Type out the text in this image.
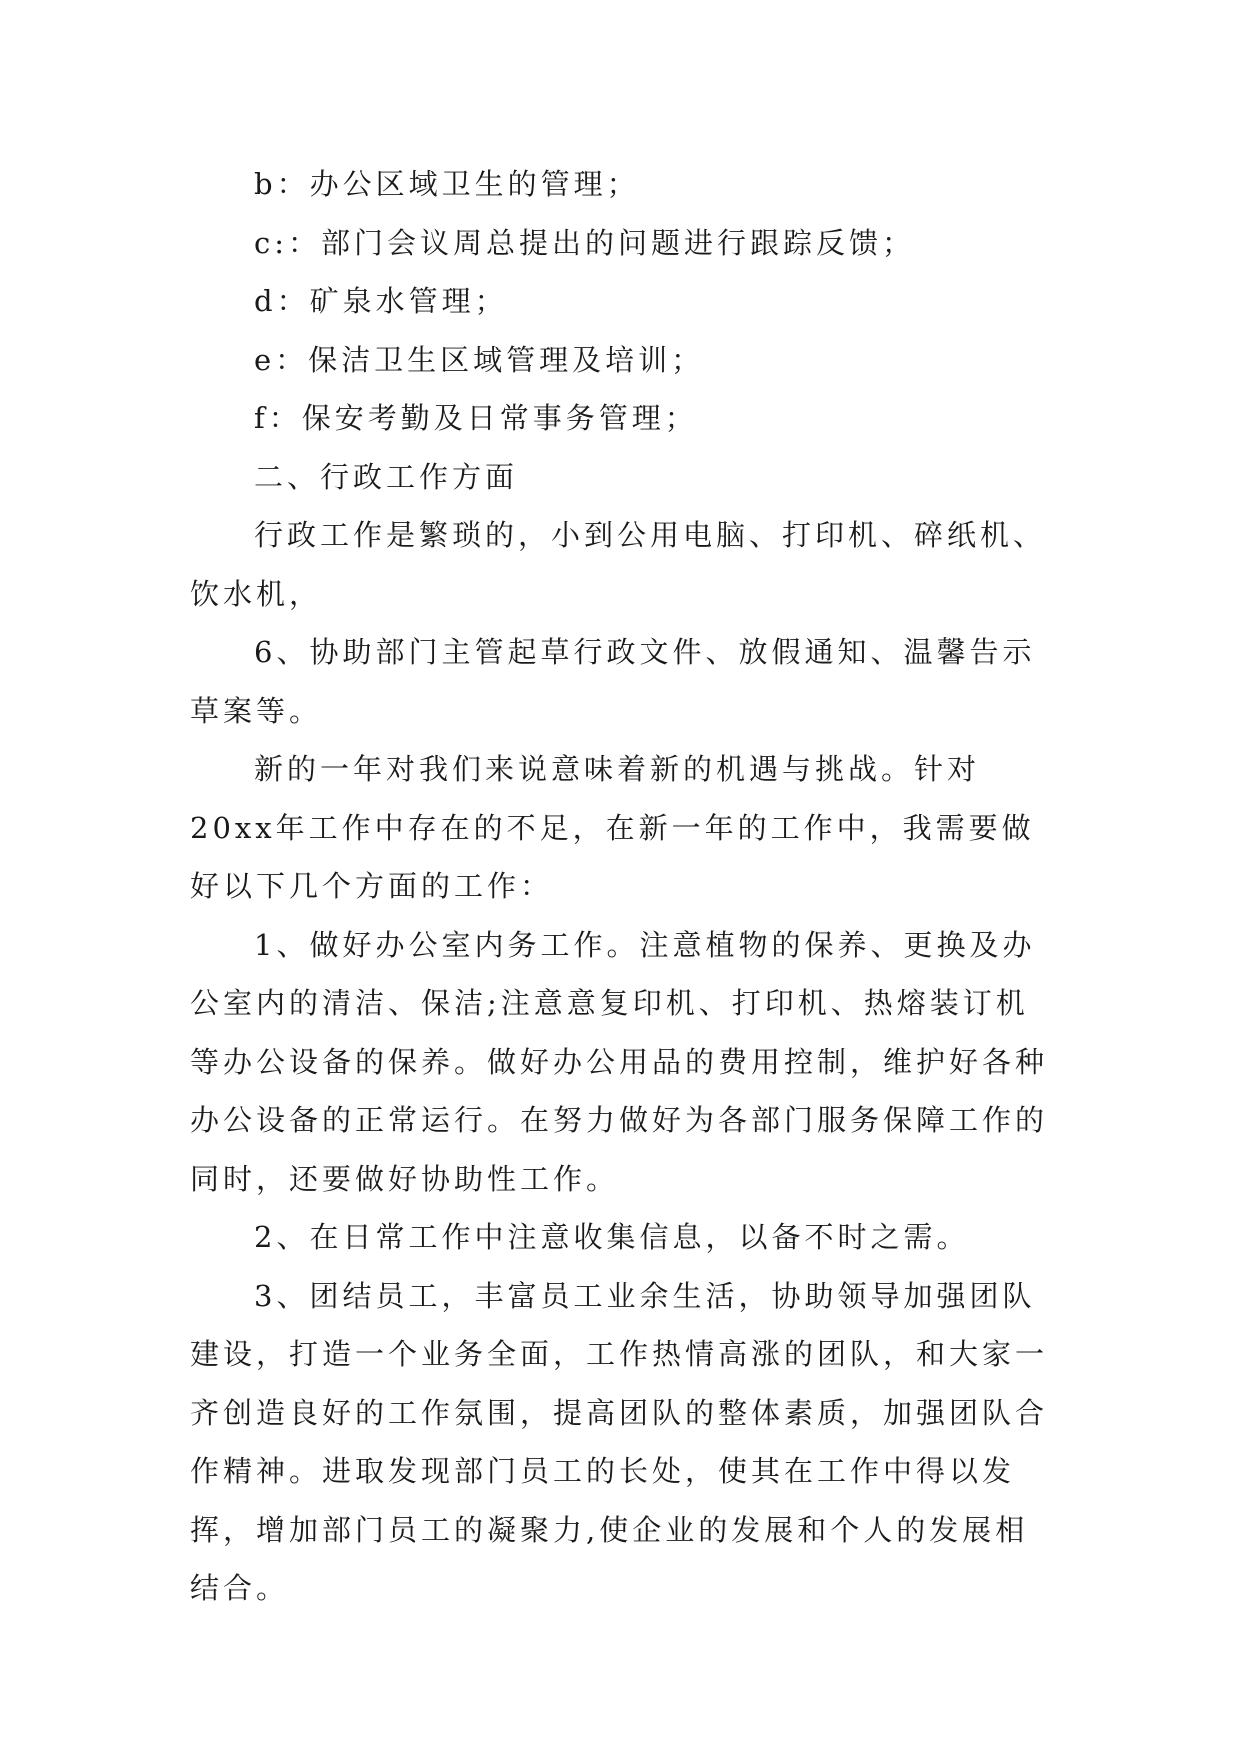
b：办公区域卫生的管理；

c:：部门会议周总提出的问题进行跟踪反馈；

d：矿泉水管理；

e：保洁卫生区域管理及培训；

f：保安考勤及日常事务管理；

二、行政工作方面

行政工作是繁琐的，小到公用电脑、打印机、碎纸机、饮水机，

6、协助部门主管起草行政文件、放假通知、温馨告示草案等。

新的一年对我们来说意味着新的机遇与挑战。针对20xx年工作中存在的不足，在新一年的工作中，我需要做好以下几个方面的工作：

1、做好办公室内务工作。注意植物的保养、更换及办公室内的清洁、保洁;注意意复印机、打印机、热熔装订机等办公设备的保养。做好办公用品的费用控制，维护好各种办公设备的正常运行。在努力做好为各部门服务保障工作的同时，还要做好协助性工作。

2、在日常工作中注意收集信息，以备不时之需。

3、团结员工，丰富员工业余生活，协助领导加强团队建设，打造一个业务全面，工作热情高涨的团队，和大家一齐创造良好的工作氛围，提高团队的整体素质，加强团队合作精神。进取发现部门员工的长处，使其在工作中得以发挥，增加部门员工的凝聚力,使企业的发展和个人的发展相结合。
